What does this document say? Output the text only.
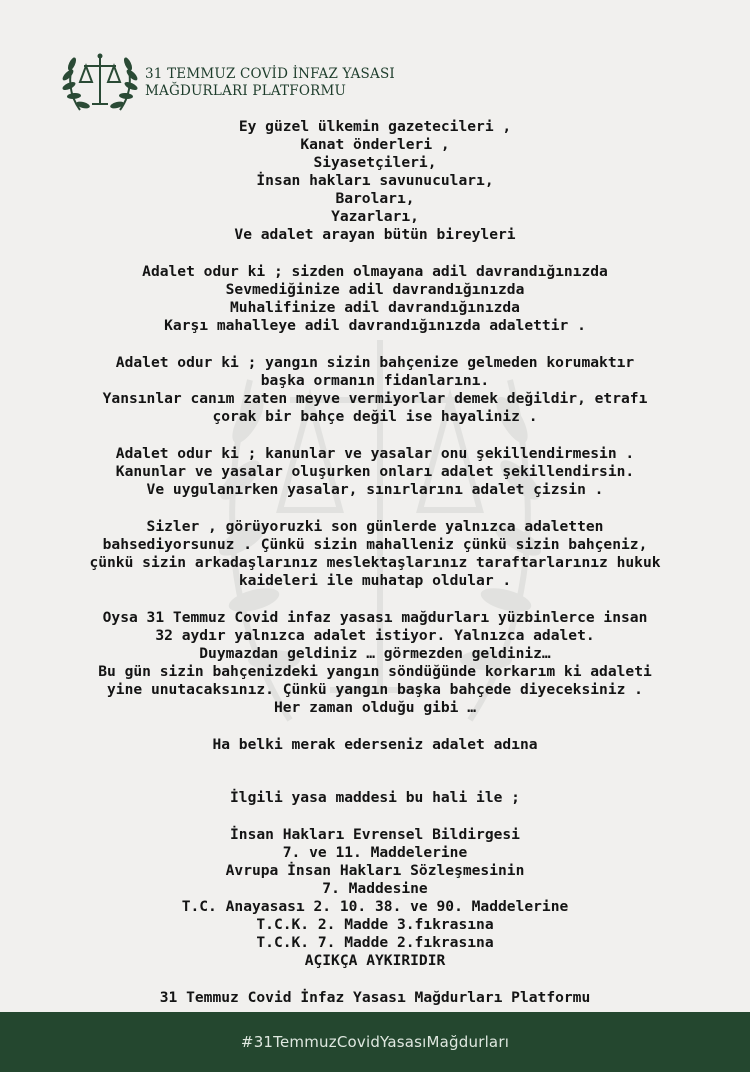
31 TEMMUZ COVİD İNFAZ YASASI
MAĞDURLARI PLATFORMU
Ey güzel ülkemin gazetecileri ,
Kanat önderleri ,
Siyasetçileri,
İnsan hakları savunucuları,
Baroları,
Yazarları,
Ve adalet arayan bütün bireyleri
Adalet odur ki ; sizden olmayana adil davrandığınızda
Sevmediğinize adil davrandığınızda
Muhalifinize adil davrandığınızda
Karşı mahalleye adil davrandığınızda adalettir .
Adalet odur ki ; yangın sizin bahçenize gelmeden korumaktır
başka ormanın fidanlarını.
Yansınlar canım zaten meyve vermiyorlar demek değildir, etrafı
çorak bir bahçe değil ise hayaliniz .
Adalet odur ki ; kanunlar ve yasalar onu şekillendirmesin .
Kanunlar ve yasalar oluşurken onları adalet şekillendirsin.
Ve uygulanırken yasalar, sınırlarını adalet çizsin .
Sizler , görüyoruzki son günlerde yalnızca adaletten
bahsediyorsunuz . Çünkü sizin mahalleniz çünkü sizin bahçeniz,
çünkü sizin arkadaşlarınız meslektaşlarınız taraftarlarınız hukuk
kaideleri ile muhatap oldular .
Oysa 31 Temmuz Covid infaz yasası mağdurları yüzbinlerce insan
32 aydır yalnızca adalet istiyor. Yalnızca adalet.
Duymazdan geldiniz … görmezden geldiniz…
Bu gün sizin bahçenizdeki yangın söndüğünde korkarım ki adaleti
yine unutacaksınız. Çünkü yangın başka bahçede diyeceksiniz .
Her zaman olduğu gibi …
Ha belki merak ederseniz adalet adına
İlgili yasa maddesi bu hali ile ;
İnsan Hakları Evrensel Bildirgesi
7. ve 11. Maddelerine
Avrupa İnsan Hakları Sözleşmesinin
7. Maddesine
T.C. Anayasası 2. 10. 38. ve 90. Maddelerine
T.C.K. 2. Madde 3.fıkrasına
T.C.K. 7. Madde 2.fıkrasına
AÇIKÇA AYKIRIDIR
31 Temmuz Covid İnfaz Yasası Mağdurları Platformu
#31TemmuzCovidYasasıMağdurları
